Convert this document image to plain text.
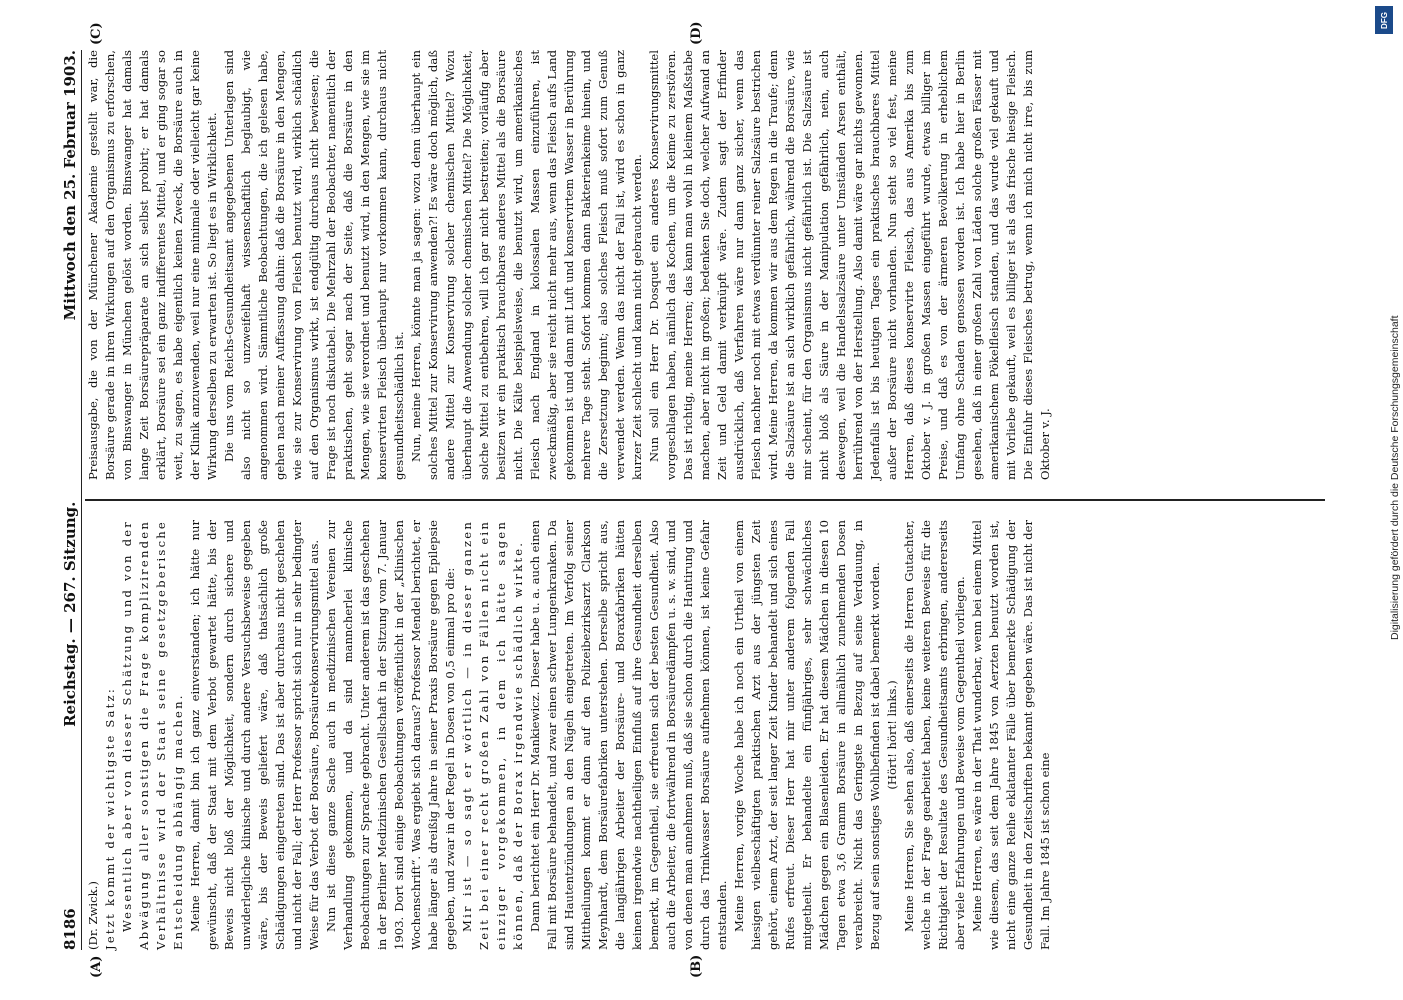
8186
Reichstag. — 267. Sitzung.
Mittwoch den 25. Februar 1903.

(Dr. Zwick.) Jetzt kommt der wichtigste Satz: Wesentlich aber von dieser Schätzung und von der Abwägung aller sonstigen die Frage komplizirenden Verhältnisse wird der Staat seine gesetzgeberische Entscheidung abhängig machen. Meine Herren, damit bin ich ganz einverstanden; ich hätte nur gewünscht, daß der Staat mit dem Verbot gewartet hätte, bis der Beweis nicht bloß der Möglichkeit, sondern durch sichere und unwiderlegliche klinische und durch andere Versuchsbeweise gegeben wäre, bis der Beweis geliefert wäre, daß thatsächlich große Schädigungen eingetreten sind. Das ist aber durchaus nicht geschehen und nicht der Fall; der Herr Professor spricht sich nur in sehr bedingter Weise für das Verbot der Borsäure, Borsäurekonservirungsmittel aus. Nun ist diese ganze Sache auch in medizinischen Vereinen zur Verhandlung gekommen, und da sind manncherlei klinische Beobachtungen zur Sprache gebracht. Unter anderem ist das geschehen in der Berliner Medizinischen Gesellschaft in der Sitzung vom 7. Januar 1903. Dort sind einige Beobachtungen veröffentlicht in der „Klinischen Wochenschrift“. Was ergiebt sich daraus? Professor Mendel berichtet, er habe länger als dreißig Jahre in seiner Praxis Borsäure gegen Epilepsie gegeben, und zwar in der Regel in Dosen von 0,5 einmal pro die: Mir ist — so sagt er wörtlich — in dieser ganzen Zeit bei einer recht großen Zahl von Fällen nicht ein einziger vorgekommen, in dem ich hätte sagen können, daß der Borax irgendwie schädlich wirkte. Dann berichtet ein Herr Dr. Mankiewicz. Dieser habe u. a. auch einen Fall mit Borsäure behandelt, und zwar einen schwer Lungenkranken. Da sind Hautentzündungen an den Nägeln eingetreten. Im Verfolg seiner Mittheilungen kommt er dann auf den Polizeibezirksarzt Clarkson Meynhardt, dem Borsäurefabriken unterstehen. Derselbe spricht aus, die langjährigen Arbeiter der Borsäure- und Boraxfabriken hätten keinen irgendwie nachtheiligen Einfluß auf ihre Gesundheit derselben bemerkt, im Gegentheil, sie erfreuten sich der besten Gesundheit. Also auch die Arbeiter, die fortwährend in Borsäuredämpfen u. s. w. sind, und von denen man annehmen muß, daß sie schon durch die Hantirung und durch das Trinkwasser Borsäure aufnehmen können, ist keine Gefahr entstanden. Meine Herren, vorige Woche habe ich noch ein Urtheil von einem hiesigen vielbeschäftigten praktischen Arzt aus der jüngsten Zeit gehört, einem Arzt, der seit langer Zeit Kinder behandelt und sich eines Rufes erfreut. Dieser Herr hat mir unter anderem folgenden Fall mitgetheilt. Er behandelte ein fünfjähriges, sehr schwächliches Mädchen gegen ein Blasenleiden. Er hat diesem Mädchen in diesen 10 Tagen etwa 3,6 Gramm Borsäure in allmählich zunehmenden Dosen verabreicht. Nicht das Geringste in Bezug auf seine Verdauung, in Bezug auf sein sonstiges Wohlbefinden ist dabei bemerkt worden. (Hört! hört! links.) Meine Herren, Sie sehen also, daß einerseits die Herren Gutachter, welche in der Frage gearbeitet haben, keine weiteren Beweise für die Richtigkeit der Resultate des Gesundheitsamts erbringen, andererseits aber viele Erfahrungen und Beweise vom Gegentheil vorliegen. Meine Herren, es wäre in der That wunderbar, wenn bei einem Mittel wie diesem, das seit dem Jahre 1845 von Aerzten benutzt worden ist, nicht eine ganze Reihe eklatanter Fälle über bemerkte Schädigung der Gesundheit in den Zeitschriften bekannt gegeben wäre. Das ist nicht der Fall. Im Jahre 1845 ist schon eine

Preisausgabe, die von der Münchener Akademie gestellt war, die Borsäure gerade in ihren Wirkungen auf den Organismus zu erforschen, von Binswanger in München gelöst worden. Binswanger hat damals lange Zeit Borsäurepräparate an sich selbst probirt; er hat damals erklärt, Borsäure sei ein ganz indifferentes Mittel, und er ging sogar so weit, zu sagen, es habe eigentlich keinen Zweck, die Borsäure auch in der Klinik anzuwenden, weil nur eine minimale oder vielleicht gar keine Wirkung derselben zu erwarten ist. So liegt es in Wirklichkeit. Die uns vom Reichs-Gesundheitsamt angegebenen Unterlagen sind also nicht so unzweifelhaft wissenschaftlich beglaubigt, wie angenommen wird. Sämmtliche Beobachtungen, die ich gelesen habe, gehen nach meiner Auffassung dahin: daß die Borsäure in den Mengen, wie sie zur Konservirung von Fleisch benutzt wird, wirklich schädlich auf den Organismus wirkt, ist endgültig durchaus nicht bewiesen; die Frage ist noch diskutabel. Die Mehrzahl der Beobachter, namentlich der praktischen, geht sogar nach der Seite, daß die Borsäure in den Mengen, wie sie verordnet und benutzt wird, in den Mengen, wie sie im konservirten Fleisch überhaupt nur vorkommen kann, durchaus nicht gesundheitsschädlich ist. Nun, meine Herren, könnte man ja sagen: wozu denn überhaupt ein solches Mittel zur Konservirung anwenden?! Es wäre doch möglich, daß andere Mittel zur Konservirung solcher chemischen Mittel? Wozu überhaupt die Anwendung solcher chemischen Mittel? Die Möglichkeit, solche Mittel zu entbehren, will ich gar nicht bestreiten; vorläufig aber besitzen wir ein praktisch brauchbares anderes Mittel als die Borsäure nicht. Die Kälte beispielsweise, die benutzt wird, um amerikanisches Fleisch nach England in kolossalen Massen einzuführen, ist zweckmäßig, aber sie reicht nicht mehr aus, wenn das Fleisch aufs Land gekommen ist und dann mit Luft und konservirtem Wasser in Berührung mehrere Tage steht. Sofort kommen dann Bakterienkeime hinein, und die Zersetzung beginnt; also solches Fleisch muß sofort zum Genuß verwendet werden. Wenn das nicht der Fall ist, wird es schon in ganz kurzer Zeit schlecht und kann nicht gebraucht werden. Nun soll ein Herr Dr. Dosquet ein anderes Konservirungsmittel vorgeschlagen haben, nämlich das Kochen, um die Keime zu zerstören. Das ist richtig, meine Herren; das kann man wohl in kleinem Maßstabe machen, aber nicht im großen; bedenken Sie doch, welcher Aufwand an Zeit und Geld damit verknüpft wäre. Zudem sagt der Erfinder ausdrücklich, daß Verfahren wäre nur dann ganz sicher, wenn das Fleisch nachher noch mit etwas verdünnter reiner Salzsäure bestrichen wird. Meine Herren, da kommen wir aus dem Regen in die Traufe; denn die Salzsäure ist an sich wirklich gefährlich, während die Borsäure, wie mir scheint, für den Organismus nicht gefährlich ist. Die Salzsäure ist nicht bloß als Säure in der Manipulation gefährlich, nein, auch deswegen, weil die Handelssalzsäure unter Umständen Arsen enthält, herrührend von der Herstellung. Also damit wäre gar nichts gewonnen. Jedenfalls ist bis heutigen Tages ein praktisches brauchbares Mittel außer der Borsäure nicht vorhanden. Nun steht so viel fest, meine Herren, daß dieses konservirte Fleisch, das aus Amerika bis zum Oktober v. J. in großen Massen eingeführt wurde, etwas billiger im Preise, und daß es von der ärmeren Bevölkerung in erheblichem Umfang ohne Schaden genossen worden ist. Ich habe hier in Berlin gesehen, daß in einer großen Zahl von Läden solche großen Fässer mit amerikanischem Pökelfleisch standen, und das wurde viel gekauft und mit Vorliebe gekauft, weil es billiger ist als das frische hiesige Fleisch. Die Einfuhr dieses Fleisches betrug, wenn ich mich nicht irre, bis zum Oktober v. J.

(A)	(B)
(C)	(D)
DFG
Digitalisierung gefördert durch die Deutsche Forschungsgemeinschaft
